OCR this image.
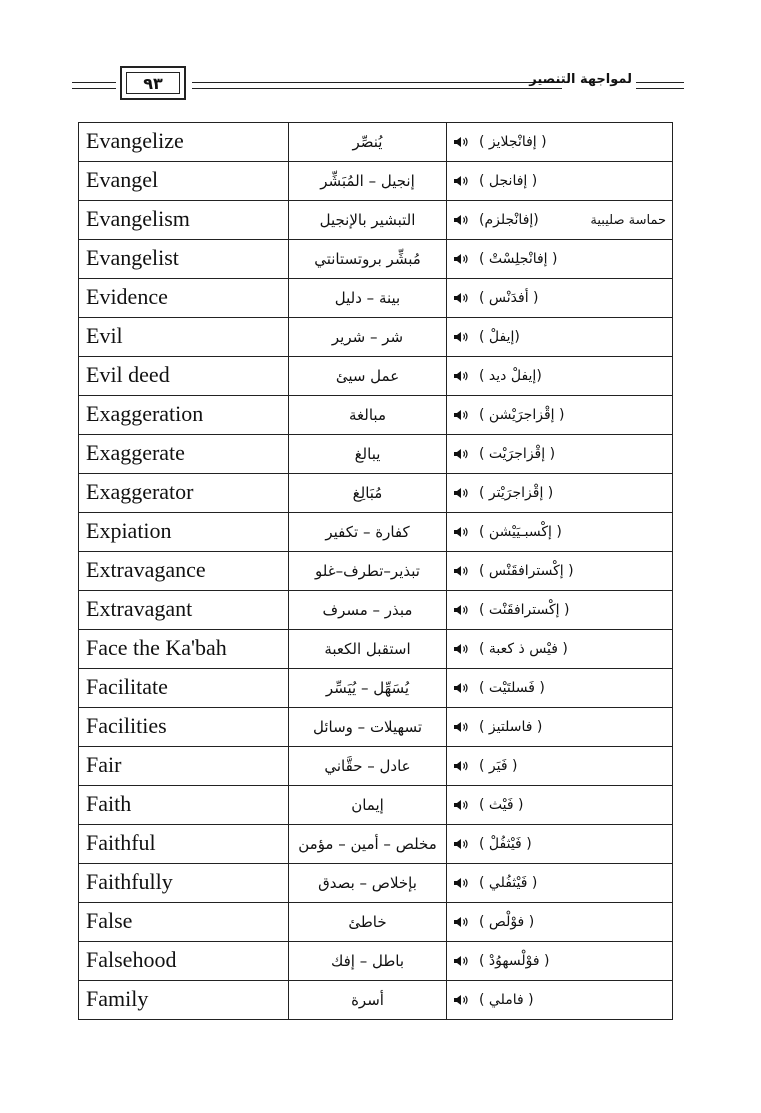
٩٣	لمواجهة التنصير
Evangelize	يُنصِّر	( إفانْجلايز )

Evangel	إنجيل – المُبَشِّر	( إفانجل )

Evangelism	التبشير بالإنجيل	(إفانْجلزم) حماسة صليبية

Evangelist	مُبشِّر بروتستانتي	( إفانْجلِسْتْ )

Evidence	بينة – دليل	( أفدَنْس )

Evil	شر – شرير	(إيفلْ )

Evil deed	عمل سيئ	(إيفلْ ديد )

Exaggeration	مبالغة	( إقْزاجرَيْشن )

Exaggerate	يبالغ	( إقْزاجرَيْت )

Exaggerator	مُبَالِغ	( إقْزاجرَيْتر )

Expiation	كفارة – تكفير	( إكْسبـيَيْشن )

Extravagance	تبذير–تطرف–غلو	( إكْسترافقَنْس )

Extravagant	مبذر – مسرف	( إكْسترافقَنْت )

Face the Ka'bah	استقبل الكعبة	( فيْس ذ كعبة )

Facilitate	يُسَهِّل – يُيَسِّر	( فَسلتَيْت )

Facilities	تسهيلات – وسائل	( فاسلتيز )

Fair	عادل – حقَّاني	( فَيَر )

Faith	إيمان	( فَيْث )

Faithful	مخلص – أمين – مؤمن	( فَيْثفُلْ )

Faithfully	بإخلاص – بصدق	( فَيْثفُلي )

False	خاطئ	( فوْلْص )

Falsehood	باطل – إفك	( فوْلْسهوُدْ )

Family	أسرة	( فاملي )
